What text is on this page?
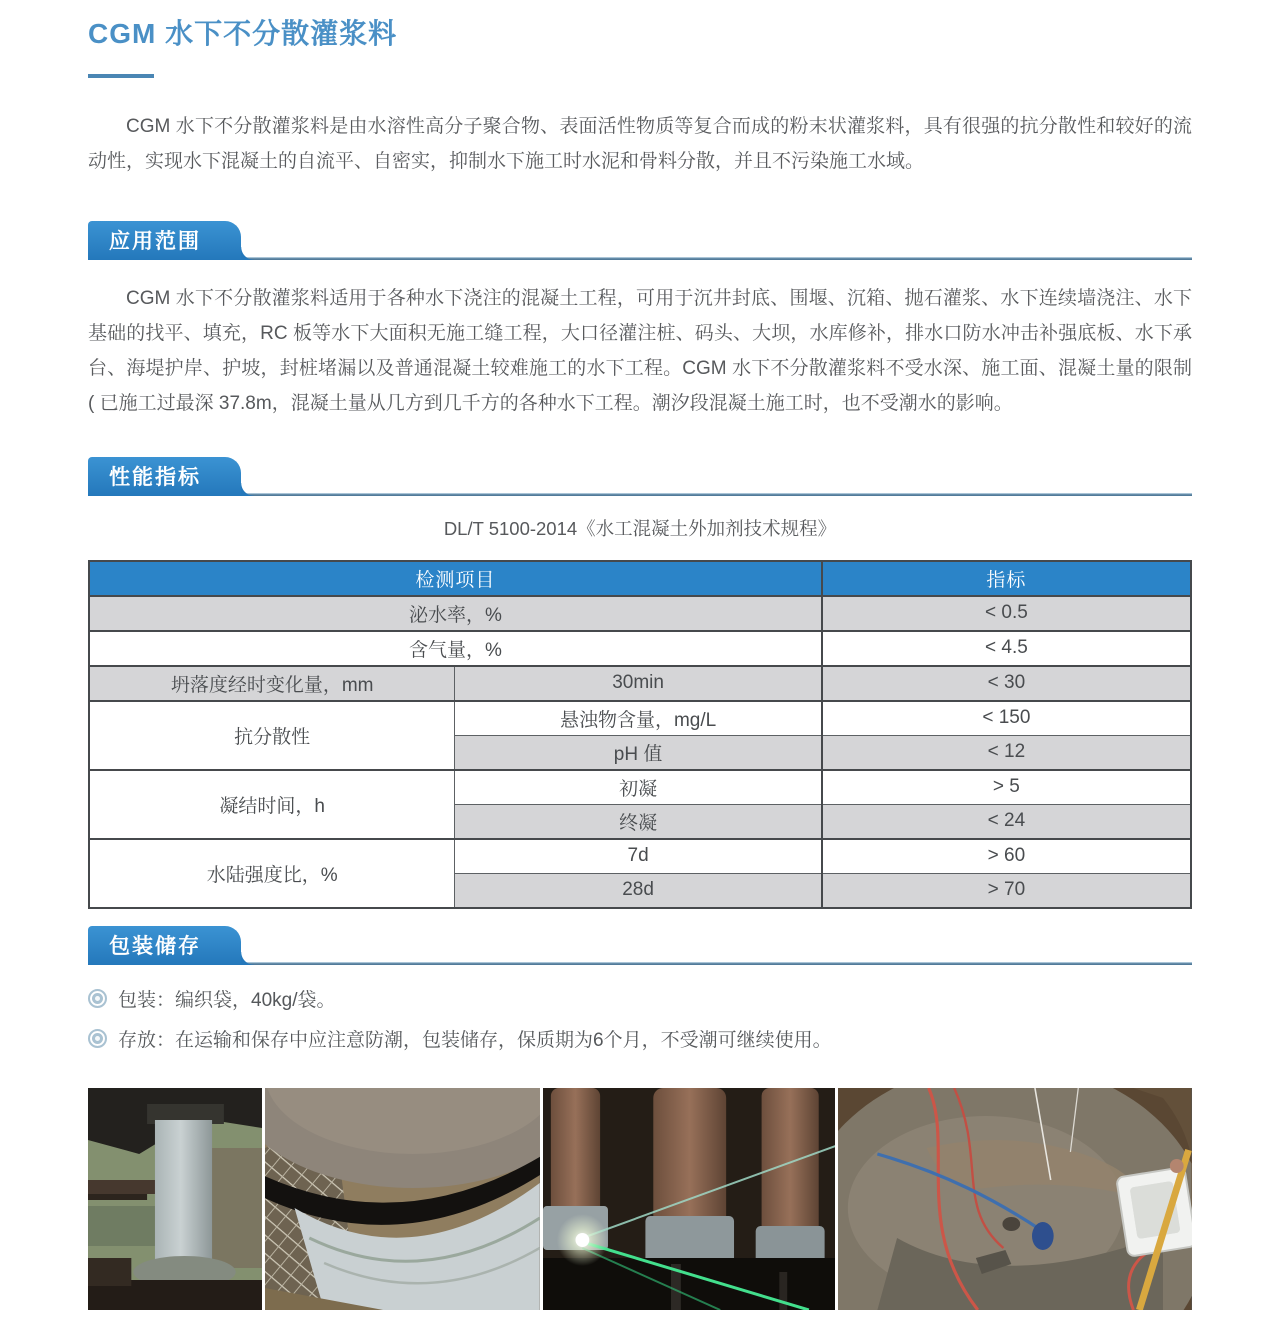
CGM 水下不分散灌浆料

CGM 水下不分散灌浆料是由水溶性高分子聚合物、表面活性物质等复合而成的粉末状灌浆料，具有很强的抗分散性和较好的流动性，实现水下混凝土的自流平、自密实，抑制水下施工时水泥和骨料分散，并且不污染施工水域。

应用范围

CGM 水下不分散灌浆料适用于各种水下浇注的混凝土工程，可用于沉井封底、围堰、沉箱、抛石灌浆、水下连续墙浇注、水下基础的找平、填充，RC 板等水下大面积无施工缝工程，大口径灌注桩、码头、大坝，水库修补，排水口防水冲击补强底板、水下承台、海堤护岸、护坡，封桩堵漏以及普通混凝土较难施工的水下工程。CGM 水下不分散灌浆料不受水深、施工面、混凝土量的限制 ( 已施工过最深 37.8m，混凝土量从几方到几千方的各种水下工程。潮汐段混凝土施工时，也不受潮水的影响。

性能指标

DL/T 5100-2014《水工混凝土外加剂技术规程》

检测项目		指标
泌水率，%		< 0.5
含气量，%		< 4.5
坍落度经时变化量，mm	30min	< 30
抗分散性	悬浊物含量，mg/L	< 150
	pH 值	< 12
凝结时间，h	初凝	> 5
	终凝	< 24
水陆强度比，%	7d	> 60
	28d	> 70
包装储存
包装：编织袋，40kg/袋。
存放：在运输和保存中应注意防潮，包装储存，保质期为6个月，不受潮可继续使用。
